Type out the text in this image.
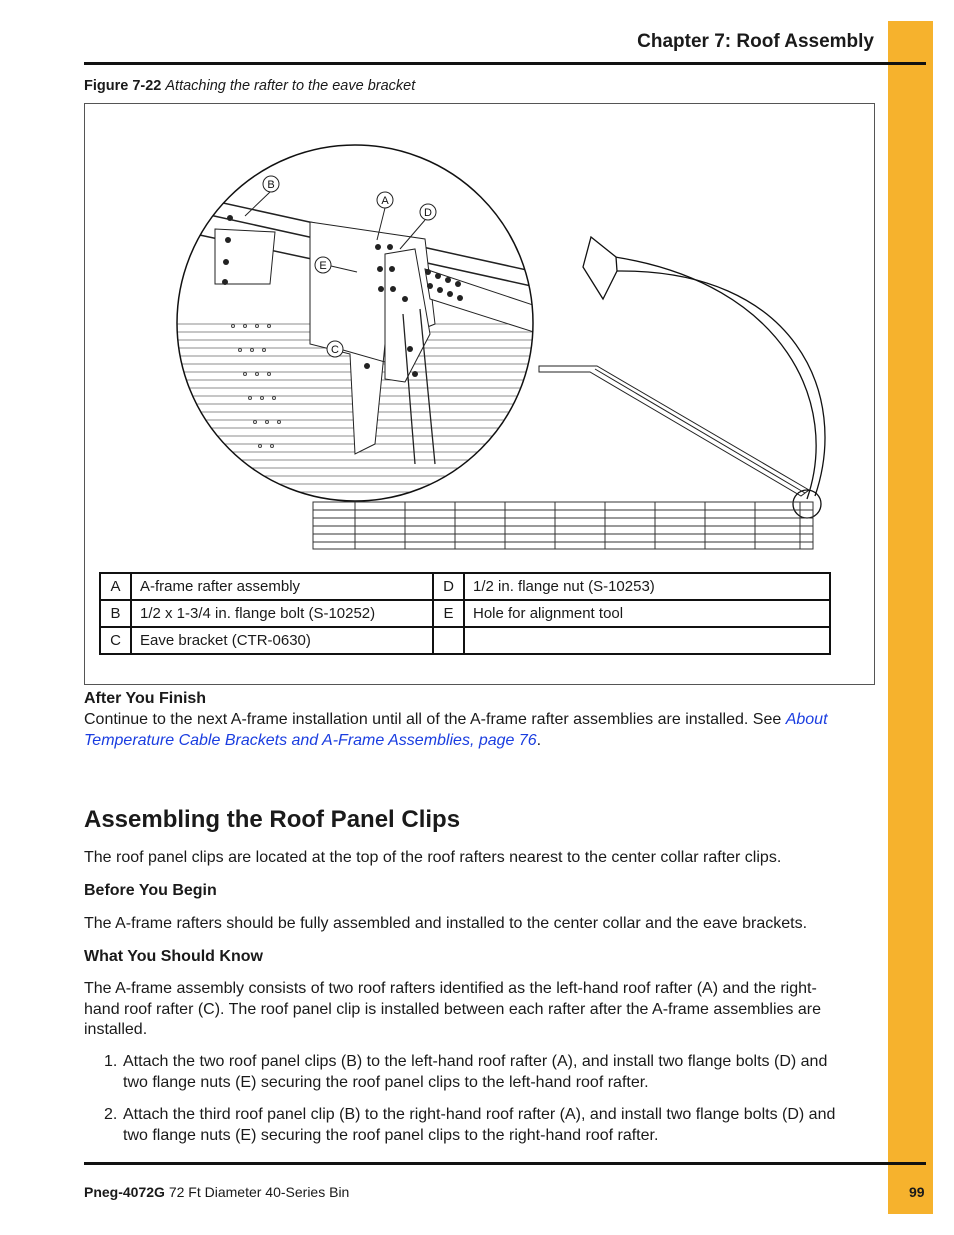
Chapter 7: Roof Assembly
Figure 7-22 Attaching the rafter to the eave bracket
B
A
D
E
C
A	A-frame rafter assembly	D	1/2 in. flange nut (S-10253)
B	1/2 x 1-3/4 in. flange bolt (S-10252)	E	Hole for alignment tool
C	Eave bracket (CTR-0630)		
After You Finish
Continue to the next A-frame installation until all of the A-frame rafter assemblies are installed. See About
Temperature Cable Brackets and A-Frame Assemblies, page 76.
Assembling the Roof Panel Clips
The roof panel clips are located at the top of the roof rafters nearest to the center collar rafter clips.
Before You Begin
The A-frame rafters should be fully assembled and installed to the center collar and the eave brackets.
What You Should Know
The A-frame assembly consists of two roof rafters identified as the left-hand roof rafter (A) and the right-
hand roof rafter (C). The roof panel clip is installed between each rafter after the A-frame assemblies are
installed.
1. Attach the two roof panel clips (B) to the left-hand roof rafter (A), and install two flange bolts (D) and
two flange nuts (E) securing the roof panel clips to the left-hand roof rafter.
2. Attach the third roof panel clip (B) to the right-hand roof rafter (A), and install two flange bolts (D) and
two flange nuts (E) securing the roof panel clips to the right-hand roof rafter.
Pneg-4072G 72 Ft Diameter 40-Series Bin	99
